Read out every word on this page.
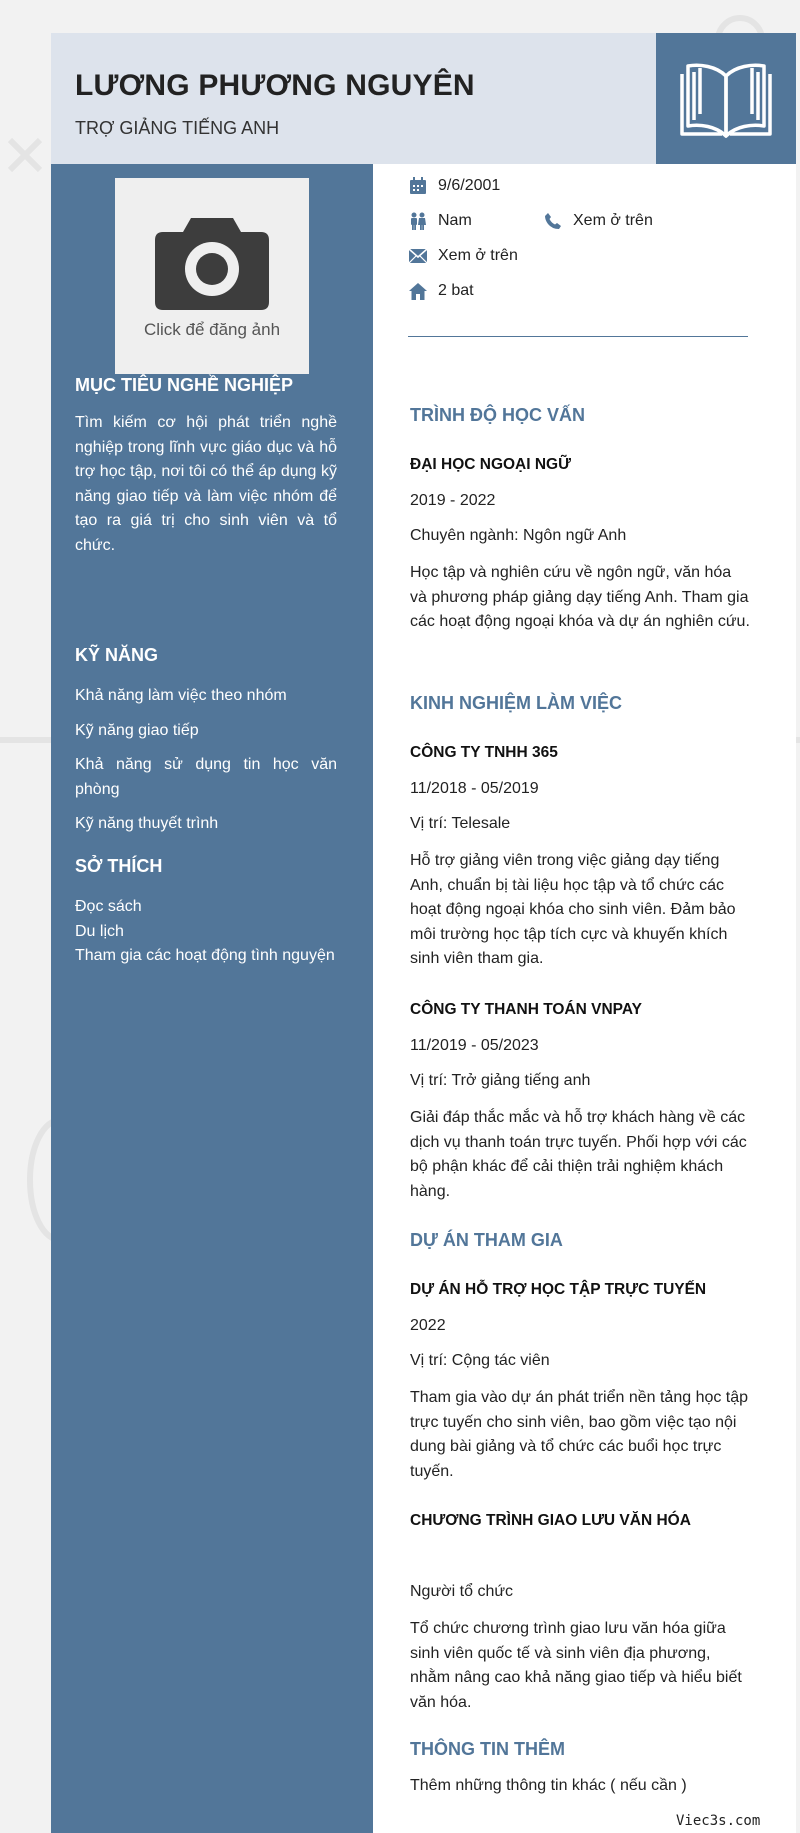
LƯƠNG PHƯƠNG NGUYÊN
TRỢ GIẢNG TIẾNG ANH
Click để đăng ảnh
MỤC TIÊU NGHỀ NGHIỆP
Tìm kiếm cơ hội phát triển nghề nghiệp trong lĩnh vực giáo dục và hỗ trợ học tập, nơi tôi có thể áp dụng kỹ năng giao tiếp và làm việc nhóm để tạo ra giá trị cho sinh viên và tổ chức.
KỸ NĂNG
Khả năng làm việc theo nhóm
Kỹ năng giao tiếp
Khả năng sử dụng tin học văn phòng
Kỹ năng thuyết trình
SỞ THÍCH
Đọc sách
Du lịch
Tham gia các hoạt động tình nguyện
9/6/2001
Nam	Xem ở trên
Xem ở trên
2 bat
TRÌNH ĐỘ HỌC VẤN
ĐẠI HỌC NGOẠI NGỮ
2019 - 2022
Chuyên ngành: Ngôn ngữ Anh
Học tập và nghiên cứu về ngôn ngữ, văn hóa và phương pháp giảng dạy tiếng Anh. Tham gia các hoạt động ngoại khóa và dự án nghiên cứu.
KINH NGHIỆM LÀM VIỆC
CÔNG TY TNHH 365
11/2018 - 05/2019
Vị trí: Telesale
Hỗ trợ giảng viên trong việc giảng dạy tiếng Anh, chuẩn bị tài liệu học tập và tổ chức các hoạt động ngoại khóa cho sinh viên. Đảm bảo môi trường học tập tích cực và khuyến khích sinh viên tham gia.
CÔNG TY THANH TOÁN VNPAY
11/2019 - 05/2023
Vị trí: Trở giảng tiếng anh
Giải đáp thắc mắc và hỗ trợ khách hàng về các dịch vụ thanh toán trực tuyến. Phối hợp với các bộ phận khác để cải thiện trải nghiệm khách hàng.
DỰ ÁN THAM GIA
DỰ ÁN HỖ TRỢ HỌC TẬP TRỰC TUYẾN
2022
Vị trí: Cộng tác viên
Tham gia vào dự án phát triển nền tảng học tập trực tuyến cho sinh viên, bao gồm việc tạo nội dung bài giảng và tổ chức các buổi học trực tuyến.
CHƯƠNG TRÌNH GIAO LƯU VĂN HÓA
Người tổ chức
Tổ chức chương trình giao lưu văn hóa giữa sinh viên quốc tế và sinh viên địa phương, nhằm nâng cao khả năng giao tiếp và hiểu biết văn hóa.
THÔNG TIN THÊM
Thêm những thông tin khác ( nếu cần )
Viec3s.com
